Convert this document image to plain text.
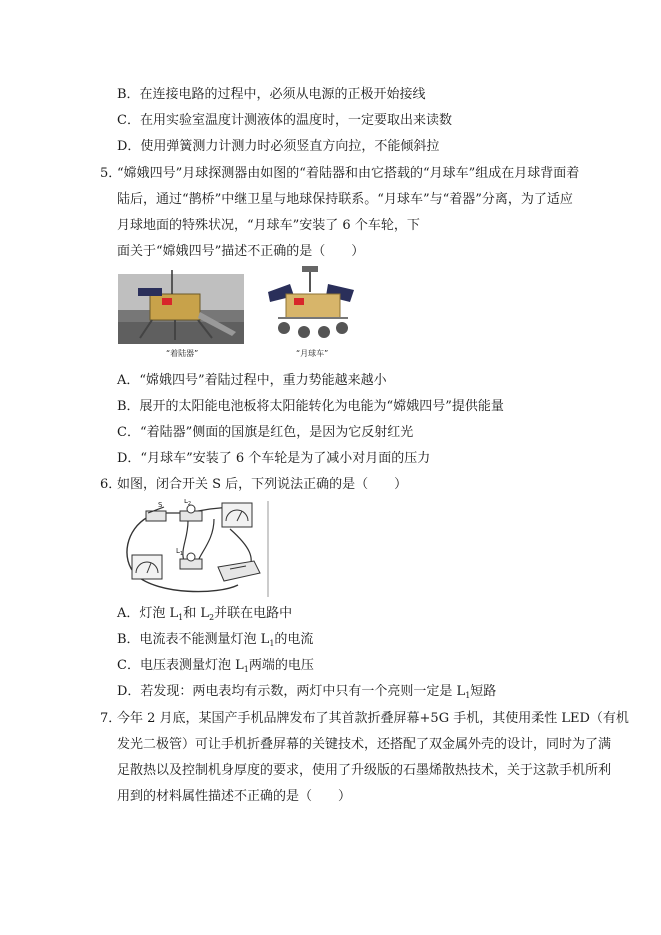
B．在连接电路的过程中，必须从电源的正极开始接线
C．在用实验室温度计测液体的温度时，一定要取出来读数
D．使用弹簧测力计测力时必须竖直方向拉，不能倾斜拉
5．
“嫦娥四号”月球探测器由如图的“着陆器和由它搭载的“月球车”组成在月球背面着
陆后，通过“鹊桥”中继卫星与地球保持联系。“月球车”与“着器”分离，为了适应
月球地面的特殊状况，“月球车”安装了 6 个车轮，下
面关于“嫦娥四号”描述不正确的是（　　）
“着陆器”	“月球车”
A．“嫦娥四号”着陆过程中，重力势能越来越小
B．展开的太阳能电池板将太阳能转化为电能为“嫦娥四号”提供能量
C．“着陆器”侧面的国旗是红色，是因为它反射红光
D．“月球车”安装了 6 个车轮是为了减小对月面的压力
6．
如图，闭合开关 S 后，下列说法正确的是（　　）
S	$L_2$
$L_1$
A．灯泡 $L_1$和 $L_2$并联在电路中
B．电流表不能测量灯泡 $L_1$的电流
C．电压表测量灯泡 $L_1$两端的电压
D．若发现：两电表均有示数，两灯中只有一个亮则一定是 $L_1$短路
7．
今年 2 月底，某国产手机品牌发布了其首款折叠屏幕+5G 手机，其使用柔性 LED（有机
发光二极管）可让手机折叠屏幕的关键技术，还搭配了双金属外壳的设计，同时为了满
足散热以及控制机身厚度的要求，使用了升级版的石墨烯散热技术，关于这款手机所利
用到的材料属性描述不正确的是（　　）
